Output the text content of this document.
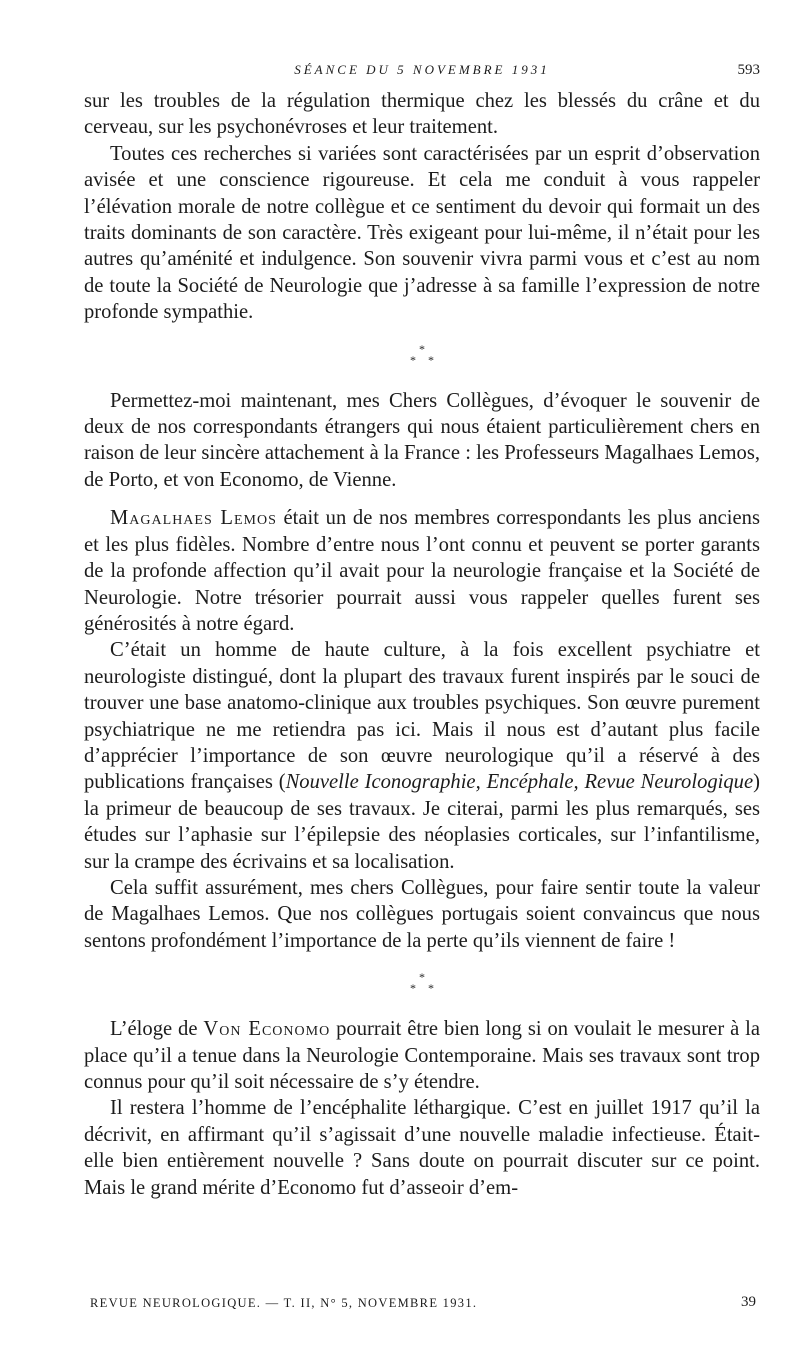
SÉANCE DU 5 NOVEMBRE 1931	593

sur les troubles de la régulation thermique chez les blessés du crâne et du cerveau, sur les psychonévroses et leur traitement.

Toutes ces recherches si variées sont caractérisées par un esprit d’observation avisée et une conscience rigoureuse. Et cela me conduit à vous rappeler l’élévation morale de notre collègue et ce sentiment du devoir qui formait un des traits dominants de son caractère. Très exigeant pour lui-même, il n’était pour les autres qu’aménité et indulgence. Son souvenir vivra parmi vous et c’est au nom de toute la Société de Neurologie que j’adresse à sa famille l’expression de notre profonde sympathie.

*
**

Permettez-moi maintenant, mes Chers Collègues, d’évoquer le souvenir de deux de nos correspondants étrangers qui nous étaient particulièrement chers en raison de leur sincère attachement à la France : les Professeurs Magalhaes Lemos, de Porto, et von Economo, de Vienne.

Magalhaes Lemos était un de nos membres correspondants les plus anciens et les plus fidèles. Nombre d’entre nous l’ont connu et peuvent se porter garants de la profonde affection qu’il avait pour la neurologie française et la Société de Neurologie. Notre trésorier pourrait aussi vous rappeler quelles furent ses générosités à notre égard.

C’était un homme de haute culture, à la fois excellent psychiatre et neurologiste distingué, dont la plupart des travaux furent inspirés par le souci de trouver une base anatomo-clinique aux troubles psychiques. Son œuvre purement psychiatrique ne me retiendra pas ici. Mais il nous est d’autant plus facile d’apprécier l’importance de son œuvre neurologique qu’il a réservé à des publications françaises (Nouvelle Iconographie, Encéphale, Revue Neurologique) la primeur de beaucoup de ses travaux. Je citerai, parmi les plus remarqués, ses études sur l’aphasie sur l’épilepsie des néoplasies corticales, sur l’infantilisme, sur la crampe des écrivains et sa localisation.

Cela suffit assurément, mes chers Collègues, pour faire sentir toute la valeur de Magalhaes Lemos. Que nos collègues portugais soient convaincus que nous sentons profondément l’importance de la perte qu’ils viennent de faire !

*
**

L’éloge de Von Economo pourrait être bien long si on voulait le mesurer à la place qu’il a tenue dans la Neurologie Contemporaine. Mais ses travaux sont trop connus pour qu’il soit nécessaire de s’y étendre.

Il restera l’homme de l’encéphalite léthargique. C’est en juillet 1917 qu’il la décrivit, en affirmant qu’il s’agissait d’une nouvelle maladie infectieuse. Était-elle bien entièrement nouvelle ? Sans doute on pourrait discuter sur ce point. Mais le grand mérite d’Economo fut d’asseoir d’em-

REVUE NEUROLOGIQUE. — T. II, N° 5, NOVEMBRE 1931.	39
